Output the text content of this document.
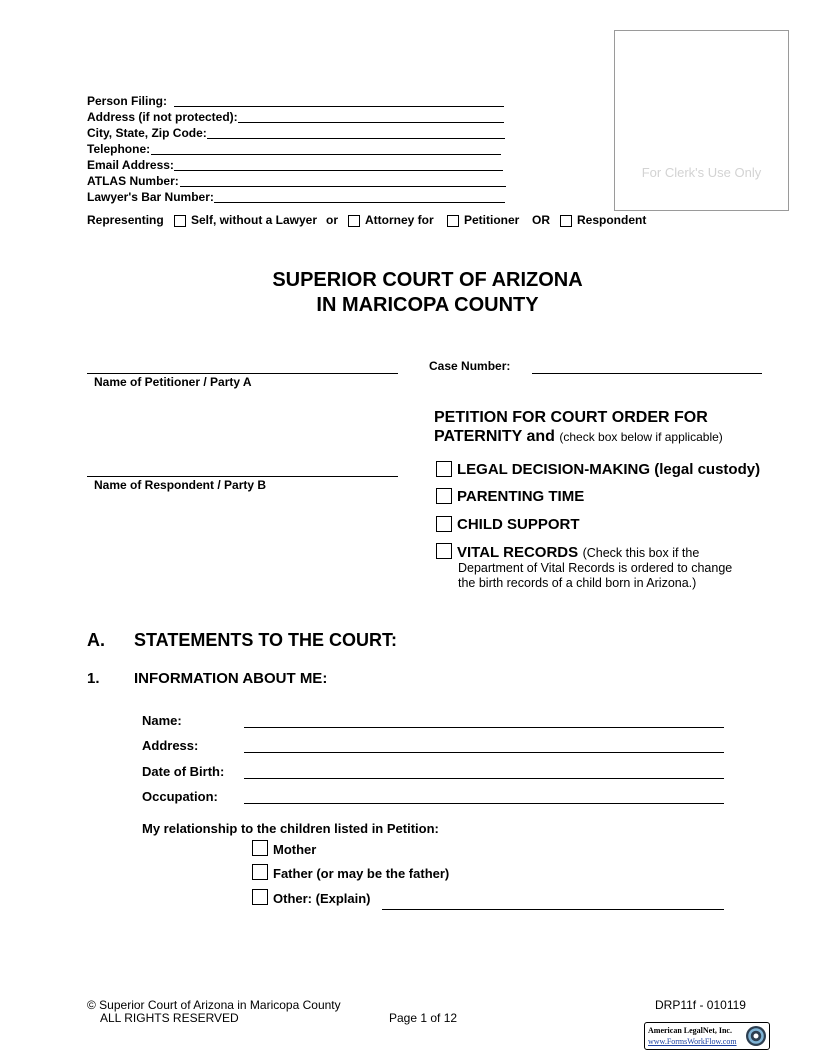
Person Filing:
Address (if not protected):
City, State, Zip Code:
Telephone:
Email Address:
ATLAS Number:
Lawyer's Bar Number:
For Clerk's Use Only
Representing Self, without a Lawyer or Attorney for	Petitioner OR Respondent
SUPERIOR COURT OF ARIZONA
IN MARICOPA COUNTY
Name of Petitioner / Party A
Name of Respondent / Party B
Case Number:
PETITION FOR COURT ORDER FOR
PATERNITY and (check box below if applicable)
LEGAL DECISION-MAKING (legal custody)
PARENTING TIME
CHILD SUPPORT
VITAL RECORDS (Check this box if the
Department of Vital Records is ordered to change
the birth records of a child born in Arizona.)
A. STATEMENTS TO THE COURT:
1. INFORMATION ABOUT ME:
Name:
Address:
Date of Birth:
Occupation:
My relationship to the children listed in Petition:
Mother
Father (or may be the father)
Other: (Explain)
© Superior Court of Arizona in Maricopa County
ALL RIGHTS RESERVED	Page 1 of 12
DRP11f - 010119
American LegalNet, Inc.
www.FormsWorkFlow.com
